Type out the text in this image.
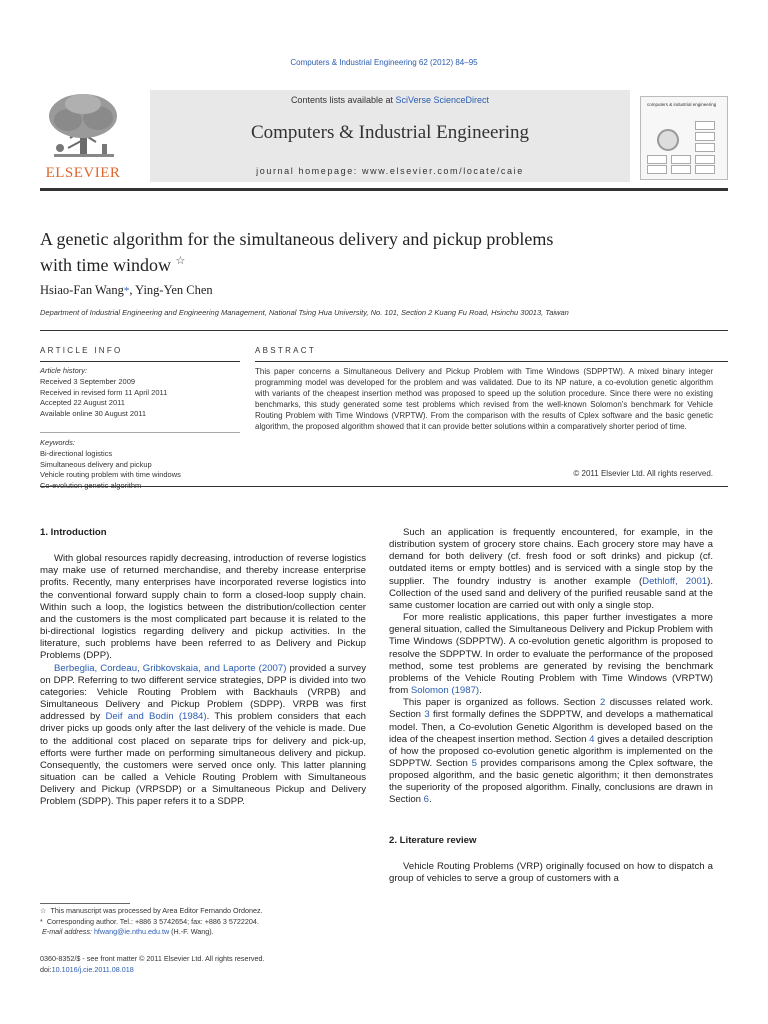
Computers & Industrial Engineering 62 (2012) 84–95
ELSEVIER
Contents lists available at SciVerse ScienceDirect
Computers & Industrial Engineering
journal homepage: www.elsevier.com/locate/caie
computers & industrial engineering
A genetic algorithm for the simultaneous delivery and pickup problems
with time window ☆
Hsiao-Fan Wang*, Ying-Yen Chen
Department of Industrial Engineering and Engineering Management, National Tsing Hua University, No. 101, Section 2 Kuang Fu Road, Hsinchu 30013, Taiwan
ARTICLE INFO
Article history:
Received 3 September 2009
Received in revised form 11 April 2011
Accepted 22 August 2011
Available online 30 August 2011
Keywords:
Bi-directional logistics
Simultaneous delivery and pickup
Vehicle routing problem with time windows
Co-evolution genetic algorithm
ABSTRACT
This paper concerns a Simultaneous Delivery and Pickup Problem with Time Windows (SDPPTW). A mixed binary integer programming model was developed for the problem and was validated. Due to its NP nature, a co-evolution genetic algorithm with variants of the cheapest insertion method was proposed to speed up the solution procedure. Since there were no existing benchmarks, this study generated some test problems which revised from the well-known Solomon's benchmark for Vehicle Routing Problem with Time Windows (VRPTW). From the comparison with the results of Cplex software and the basic genetic algorithm, the proposed algorithm showed that it can provide better solutions within a comparatively shorter period of time.
© 2011 Elsevier Ltd. All rights reserved.

1. Introduction

With global resources rapidly decreasing, introduction of reverse logistics may make use of returned merchandise, and thereby increase enterprise profits. Recently, many enterprises have incorporated reverse logistics into the conventional forward supply chain to form a closed-loop supply chain. Within such a loop, the logistics between the distribution/collection center and the customers is the most complicated part because it is related to the bi-directional logistics regarding delivery and pickup activities. In the literature, such problems have been referred to as Delivery and Pickup Problems (DPP).

Berbeglia, Cordeau, Gribkovskaia, and Laporte (2007) provided a survey on DPP. Referring to two different service strategies, DPP is divided into two categories: Vehicle Routing Problem with Backhauls (VRPB) and Simultaneous Delivery and Pickup Problem (SDPP). VRPB was first addressed by Deif and Bodin (1984). This problem considers that each driver picks up goods only after the last delivery of the vehicle is made. Due to the additional cost placed on separate trips for delivery and pick-up, efforts were further made on performing simultaneous delivery and pickup. Consequently, the customers were served once only. This latter planning situation can be called a Vehicle Routing Problem with Simultaneous Delivery and Pickup (VRPSDP) or a Simultaneous Pickup and Delivery Problem (SDPP). This paper refers it to a SDPP.

Such an application is frequently encountered, for example, in the distribution system of grocery store chains. Each grocery store may have a demand for both delivery (cf. fresh food or soft drinks) and pickup (cf. outdated items or empty bottles) and is serviced with a single stop by the supplier. The foundry industry is another example (Dethloff, 2001). Collection of the used sand and delivery of the purified reusable sand at the same customer location are carried out with only a single stop.

For more realistic applications, this paper further investigates a more general situation, called the Simultaneous Delivery and Pickup Problem with Time Windows (SDPPTW). A co-evolution genetic algorithm is proposed to resolve the SDPPTW. In order to evaluate the performance of the proposed method, some test problems are generated by revising the benchmark problems of the Vehicle Routing Problem with Time Windows (VRPTW) from Solomon (1987).

This paper is organized as follows. Section 2 discusses related work. Section 3 first formally defines the SDPPTW, and develops a mathematical model. Then, a Co-evolution Genetic Algorithm is developed based on the idea of the cheapest insertion method. Section 4 gives a detailed description of how the proposed co-evolution genetic algorithm is implemented on the SDPPTW. Section 5 provides comparisons among the Cplex software, the proposed algorithm, and the basic genetic algorithm; it then demonstrates the superiority of the proposed algorithm. Finally, conclusions are drawn in Section 6.

2. Literature review

Vehicle Routing Problems (VRP) originally focused on how to dispatch a group of vehicles to serve a group of customers with a

☆ This manuscript was processed by Area Editor Fernando Ordonez.
* Corresponding author. Tel.: +886 3 5742654; fax: +886 3 5722204.
E-mail address: hfwang@ie.nthu.edu.tw (H.-F. Wang).
0360-8352/$ - see front matter © 2011 Elsevier Ltd. All rights reserved.
doi:10.1016/j.cie.2011.08.018
